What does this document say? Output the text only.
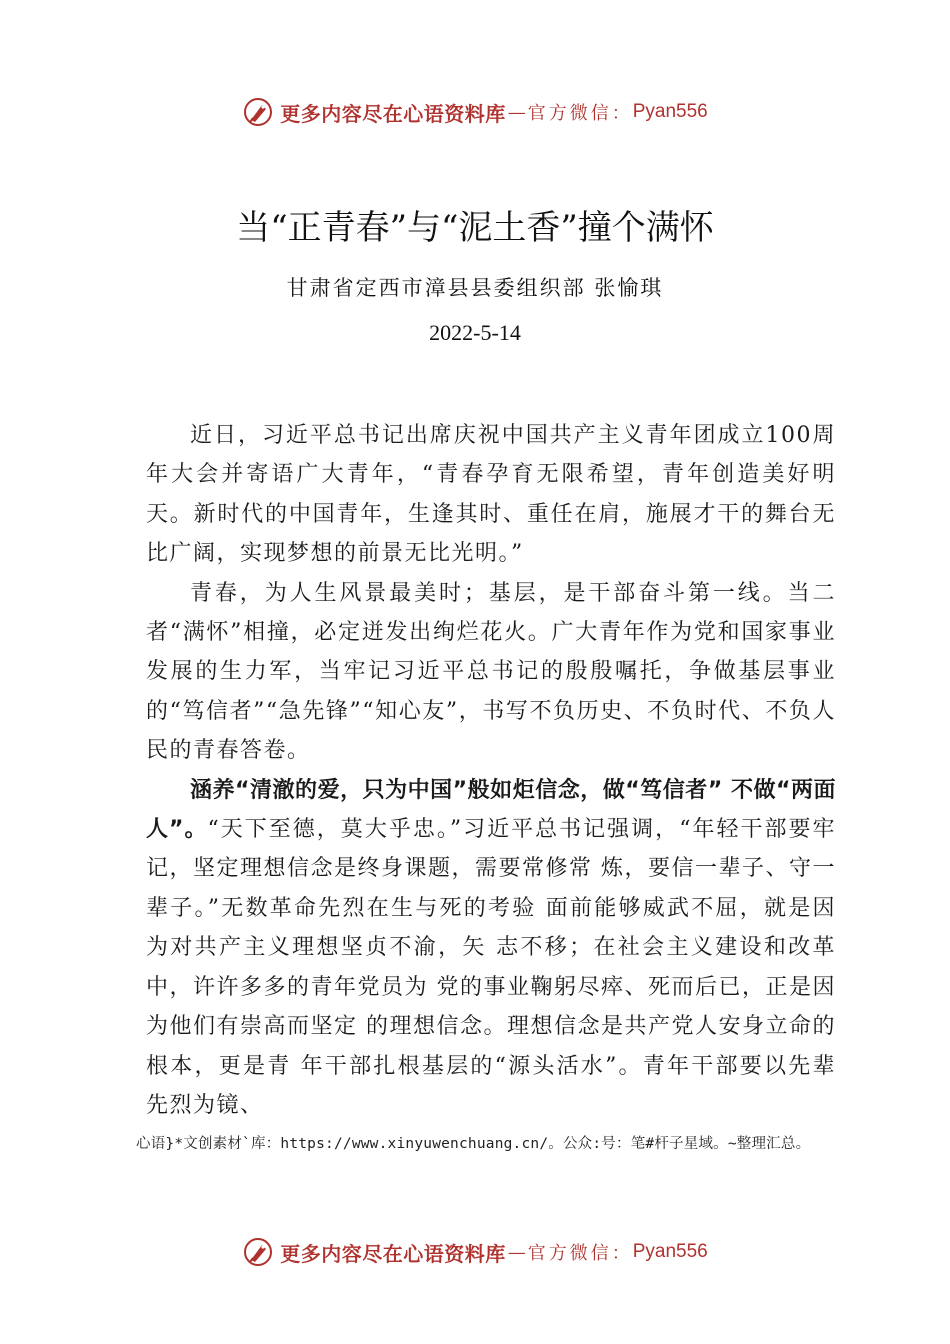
更多内容尽在心语资料库 — 官方微信： Pyan556
当“正青春”与“泥土香”撞个满怀
甘肃省定西市漳县县委组织部 张愉琪
2022-5-14

近日，习近平总书记出席庆祝中国共产主义青年团成立100周年大会并寄语广大青年，“青春孕育无限希望，青年创造美好明天。新时代的中国青年，生逢其时、重任在肩，施展才干的舞台无比广阔，实现梦想的前景无比光明。”

青春，为人生风景最美时；基层，是干部奋斗第一线。当二者“满怀”相撞，必定迸发出绚烂花火。广大青年作为党和国家事业发展的生力军，当牢记习近平总书记的殷殷嘱托，争做基层事业的“笃信者”“急先锋”“知心友”，书写不负历史、不负时代、不负人民的青春答卷。

涵养“清澈的爱，只为中国”般如炬信念，做“笃信者” 不做“两面人”。“天下至德，莫大乎忠。”习近平总书记强调，“年轻干部要牢记，坚定理想信念是终身课题，需要常修常 炼，要信一辈子、守一辈子。”无数革命先烈在生与死的考验 面前能够威武不屈，就是因为对共产主义理想坚贞不渝，矢 志不移；在社会主义建设和改革中，许许多多的青年党员为 党的事业鞠躬尽瘁、死而后已，正是因为他们有崇高而坚定 的理想信念。理想信念是共产党人安身立命的根本，更是青 年干部扎根基层的“源头活水”。青年干部要以先辈先烈为镜、

心语}*文创素材`库：https://www.xinyuwenchuang.cn/。公众:号：笔#杆子星域。~整理汇总。
更多内容尽在心语资料库 — 官方微信： Pyan556
